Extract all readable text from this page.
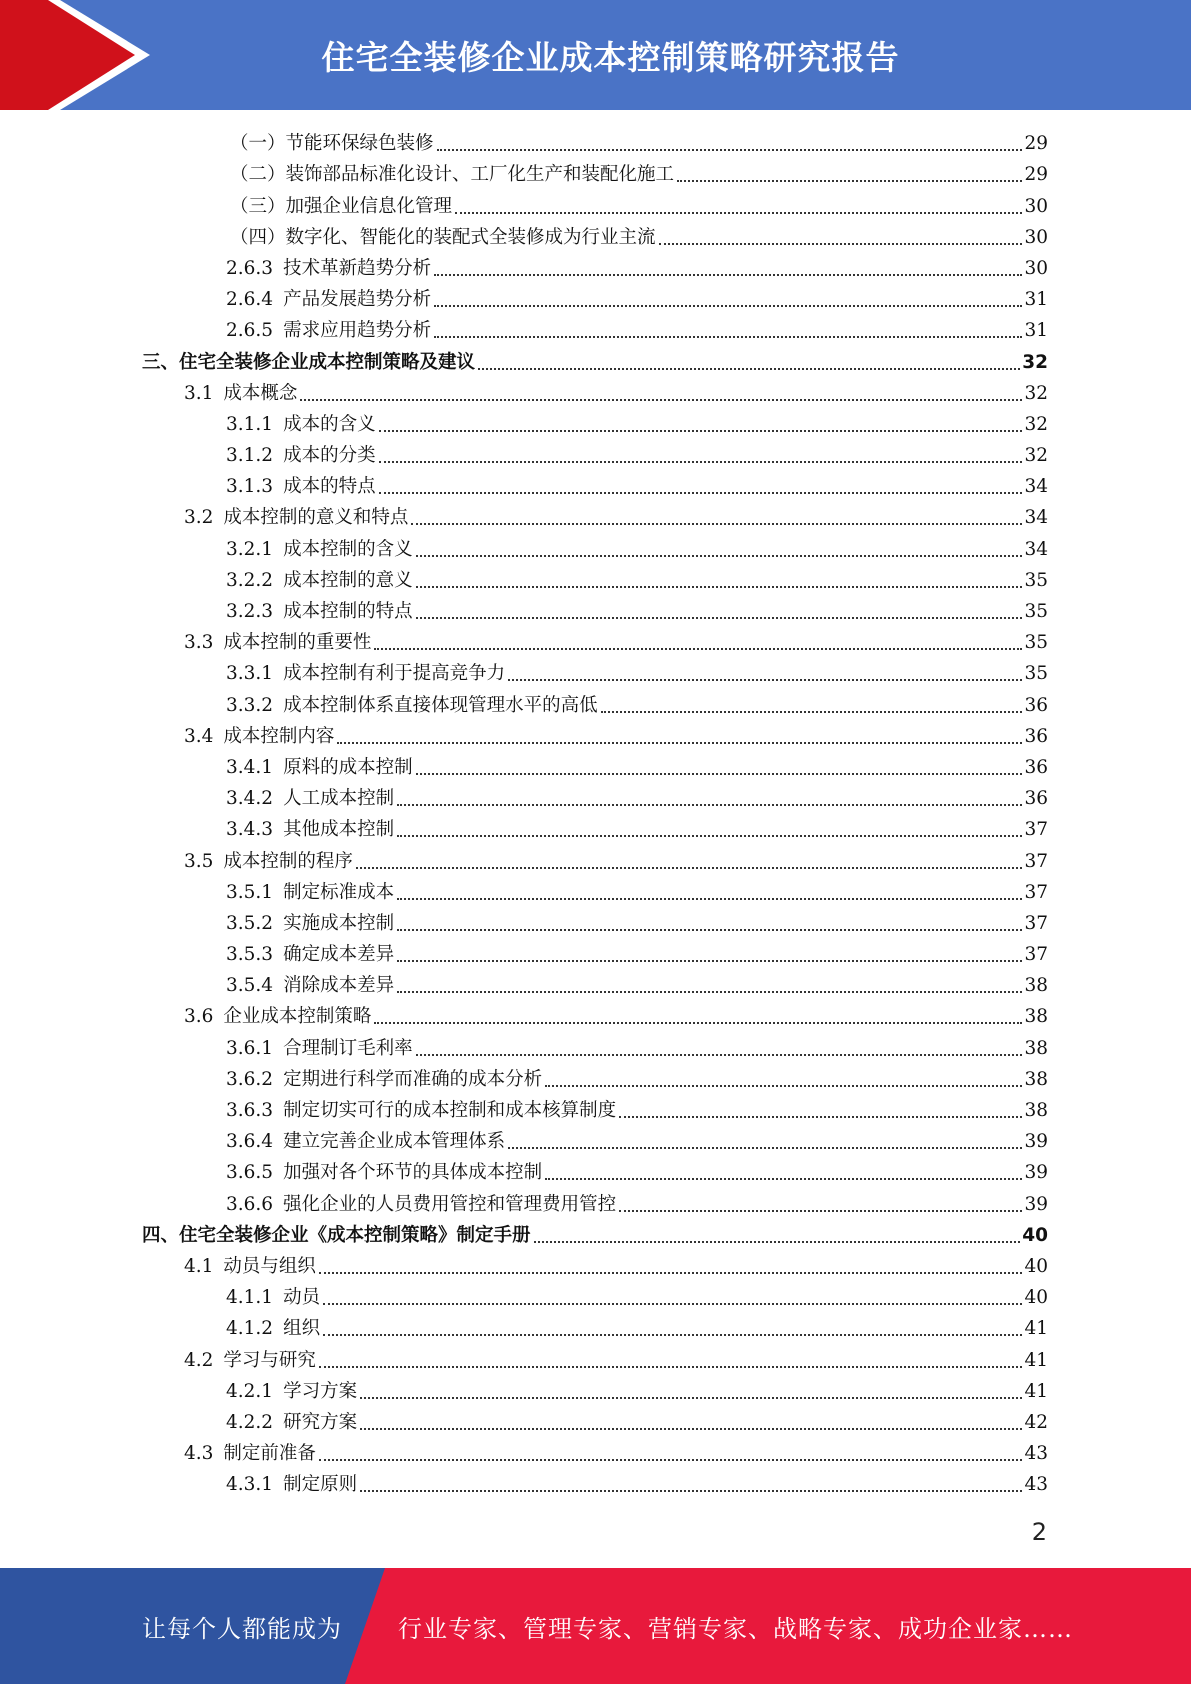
住宅全装修企业成本控制策略研究报告
（一）节能环保绿色装修	29
（二）装饰部品标准化设计、工厂化生产和装配化施工	29
（三）加强企业信息化管理	30
（四）数字化、智能化的装配式全装修成为行业主流	30
2.6.3 技术革新趋势分析	30
2.6.4 产品发展趋势分析	31
2.6.5 需求应用趋势分析	31
三、住宅全装修企业成本控制策略及建议	32
3.1 成本概念	32
3.1.1 成本的含义	32
3.1.2 成本的分类	32
3.1.3 成本的特点	34
3.2 成本控制的意义和特点	34
3.2.1 成本控制的含义	34
3.2.2 成本控制的意义	35
3.2.3 成本控制的特点	35
3.3 成本控制的重要性	35
3.3.1 成本控制有利于提高竞争力	35
3.3.2 成本控制体系直接体现管理水平的高低	36
3.4 成本控制内容	36
3.4.1 原料的成本控制	36
3.4.2 人工成本控制	36
3.4.3 其他成本控制	37
3.5 成本控制的程序	37
3.5.1 制定标准成本	37
3.5.2 实施成本控制	37
3.5.3 确定成本差异	37
3.5.4 消除成本差异	38
3.6 企业成本控制策略	38
3.6.1 合理制订毛利率	38
3.6.2 定期进行科学而准确的成本分析	38
3.6.3 制定切实可行的成本控制和成本核算制度	38
3.6.4 建立完善企业成本管理体系	39
3.6.5 加强对各个环节的具体成本控制	39
3.6.6 强化企业的人员费用管控和管理费用管控	39
四、住宅全装修企业《成本控制策略》制定手册	40
4.1 动员与组织	40
4.1.1 动员	40
4.1.2 组织	41
4.2 学习与研究	41
4.2.1 学习方案	41
4.2.2 研究方案	42
4.3 制定前准备	43
4.3.1 制定原则	43
2
让每个人都能成为 行业专家、管理专家、营销专家、战略专家、成功企业家……
